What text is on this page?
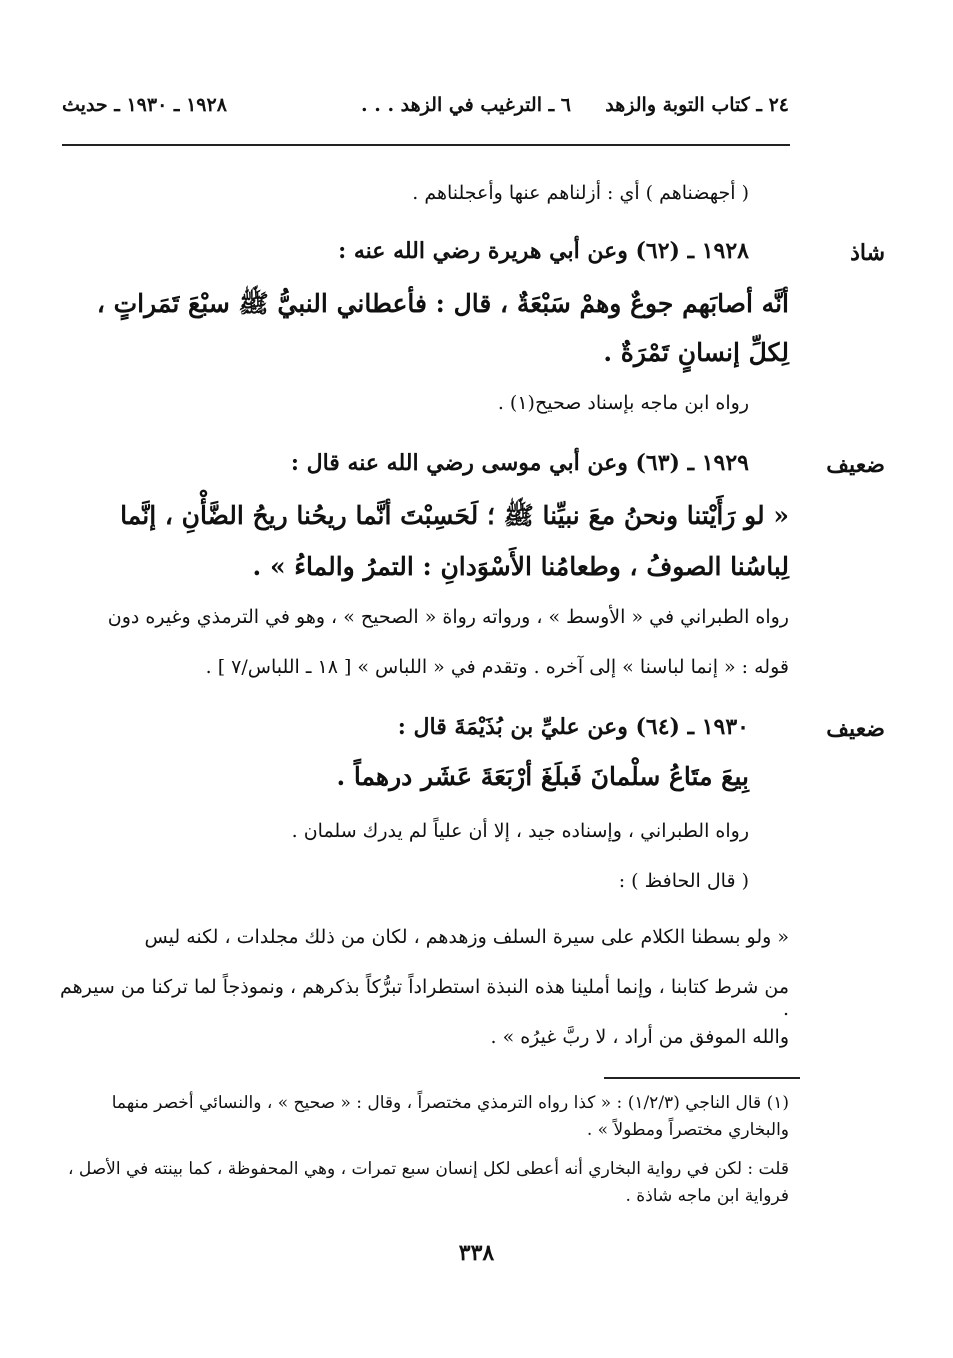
٢٤ ـ كتاب التوبة والزهد
٦ ـ الترغيب في الزهد . . .
١٩٢٨ ـ ١٩٣٠ ـ حديث
( أجهضناهم ) أي : أزلناهم عنها وأعجلناهم .
شاذ
١٩٢٨ ـ (٦٢) وعن أبي هريرة رضي الله عنه :
أنَّه أصابَهم جوعٌ وهمْ سَبْعَةٌ ، قال : فأعطاني النبيُّ ﷺ سبْعَ تَمَراتٍ ،
لِكلِّ إنسانٍ تَمْرَةٌ .
رواه ابن ماجه بإسناد صحيح(١) .
ضعيف
١٩٢٩ ـ (٦٣) وعن أبي موسى رضي الله عنه قال :
« لو رَأَيْتنا ونحنُ معَ نبيِّنا ﷺ ؛ لَحَسِبْتَ أنَّما ريحُنا ريحُ الضَّأْنِ ، إنَّما
لِباسُنا الصوفُ ، وطعامُنا الأَسْوَدانِ : التمرُ والماءُ » .
رواه الطبراني في « الأوسط » ، ورواته رواة « الصحيح » ، وهو في الترمذي وغيره دون
قوله : « إنما لباسنا » إلى آخره . وتقدم في « اللباس » [ ١٨ ـ اللباس/٧ ] .
ضعيف
١٩٣٠ ـ (٦٤) وعن عليِّ بن بُذَيْمَةَ قال :
بِيعَ متَاعُ سلْمانَ فَبلَغَ أرْبَعَةَ عَشَر درهماً .
رواه الطبراني ، وإسناده جيد ، إلا أن علياً لم يدرك سلمان .
( قال الحافظ ) :
« ولو بسطنا الكلام على سيرة السلف وزهدهم ، لكان من ذلك مجلدات ، لكنه ليس
من شرط كتابنا ، وإنما أملينا هذه النبذة استطراداً تبرُّكاً بذكرهم ، ونموذجاً لما تركنا من سيرهم .
والله الموفق من أراد ، لا ربَّ غيرُه » .
(١) قال الناجي (١/٢/٣) : « كذا رواه الترمذي مختصراً ، وقال : « صحيح » ، والنسائي أخصر منهما والبخاري مختصراً ومطولاً » .
قلت : لكن في رواية البخاري أنه أعطى لكل إنسان سبع تمرات ، وهي المحفوظة ، كما بينته في الأصل ، فرواية ابن ماجه شاذة .
٣٣٨
